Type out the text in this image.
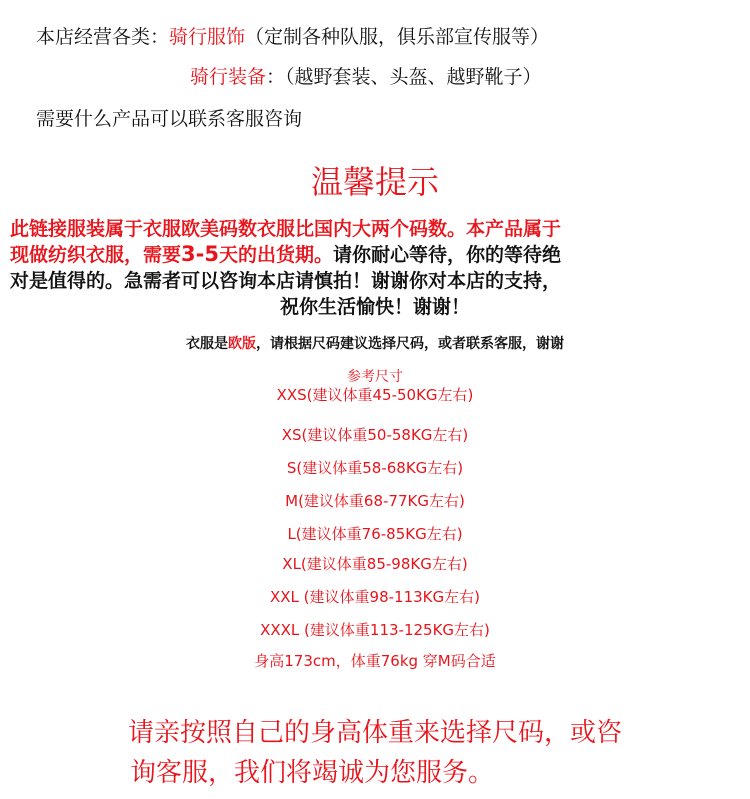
本店经营各类：骑行服饰（定制各种队服，俱乐部宣传服等）
骑行装备：（越野套装、头盔、越野靴子）
需要什么产品可以联系客服咨询
温馨提示
此链接服装属于衣服欧美码数衣服比国内大两个码数。本产品属于
现做纺织衣服，需要3-5天的出货期。请你耐心等待，你的等待绝
对是值得的。急需者可以咨询本店请慎拍！谢谢你对本店的支持，
祝你生活愉快！谢谢！
衣服是欧版，请根据尺码建议选择尺码，或者联系客服，谢谢
参考尺寸
XXS(建议体重45-50KG左右)
XS(建议体重50-58KG左右)
S(建议体重58-68KG左右)
M(建议体重68-77KG左右)
L(建议体重76-85KG左右)
XL(建议体重85-98KG左右)
XXL (建议体重98-113KG左右)
XXXL (建议体重113-125KG左右)
身高173cm，体重76kg 穿M码合适
请亲按照自己的身高体重来选择尺码，或咨
询客服，我们将竭诚为您服务。
